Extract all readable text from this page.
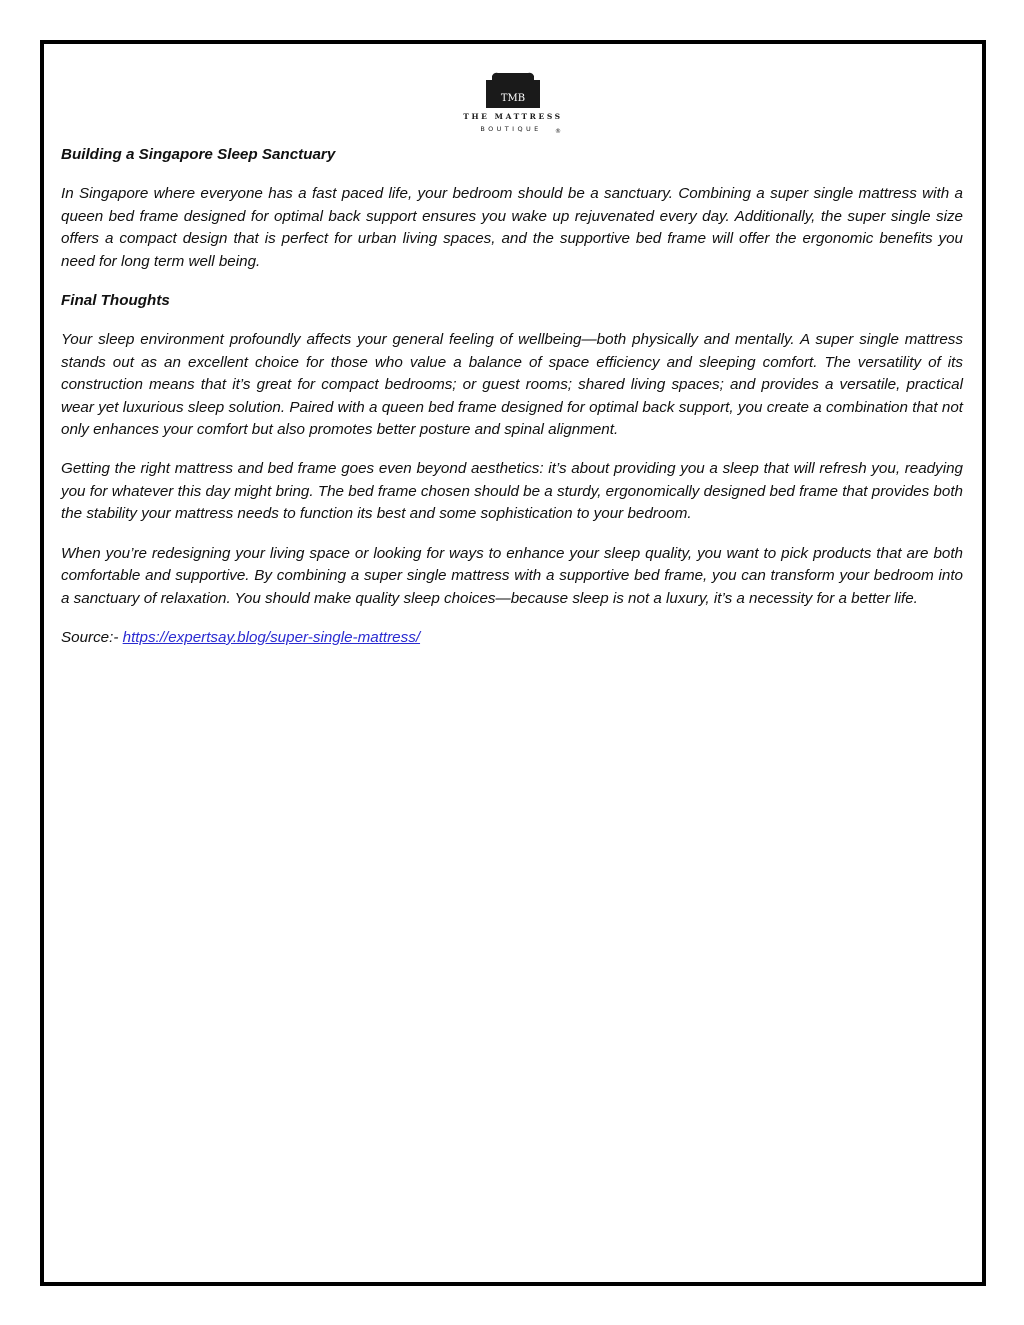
TMB
THE MATTRESS
BOUTIQUE ®

Building a Singapore Sleep Sanctuary

In Singapore where everyone has a fast paced life, your bedroom should be a sanctuary. Combining a super single mattress with a queen bed frame designed for optimal back support ensures you wake up rejuvenated every day. Additionally, the super single size offers a compact design that is perfect for urban living spaces, and the supportive bed frame will offer the ergonomic benefits you need for long term well being.

Final Thoughts

Your sleep environment profoundly affects your general feeling of wellbeing—both physically and mentally. A super single mattress stands out as an excellent choice for those who value a balance of space efficiency and sleeping comfort. The versatility of its construction means that it’s great for compact bedrooms; or guest rooms; shared living spaces; and provides a versatile, practical wear yet luxurious sleep solution. Paired with a queen bed frame designed for optimal back support, you create a combination that not only enhances your comfort but also promotes better posture and spinal alignment.

Getting the right mattress and bed frame goes even beyond aesthetics: it’s about providing you a sleep that will refresh you, readying you for whatever this day might bring. The bed frame chosen should be a sturdy, ergonomically designed bed frame that provides both the stability your mattress needs to function its best and some sophistication to your bedroom.

When you’re redesigning your living space or looking for ways to enhance your sleep quality, you want to pick products that are both comfortable and supportive. By combining a super single mattress with a supportive bed frame, you can transform your bedroom into a sanctuary of relaxation. You should make quality sleep choices—because sleep is not a luxury, it’s a necessity for a better life.

Source:- https://expertsay.blog/super-single-mattress/
